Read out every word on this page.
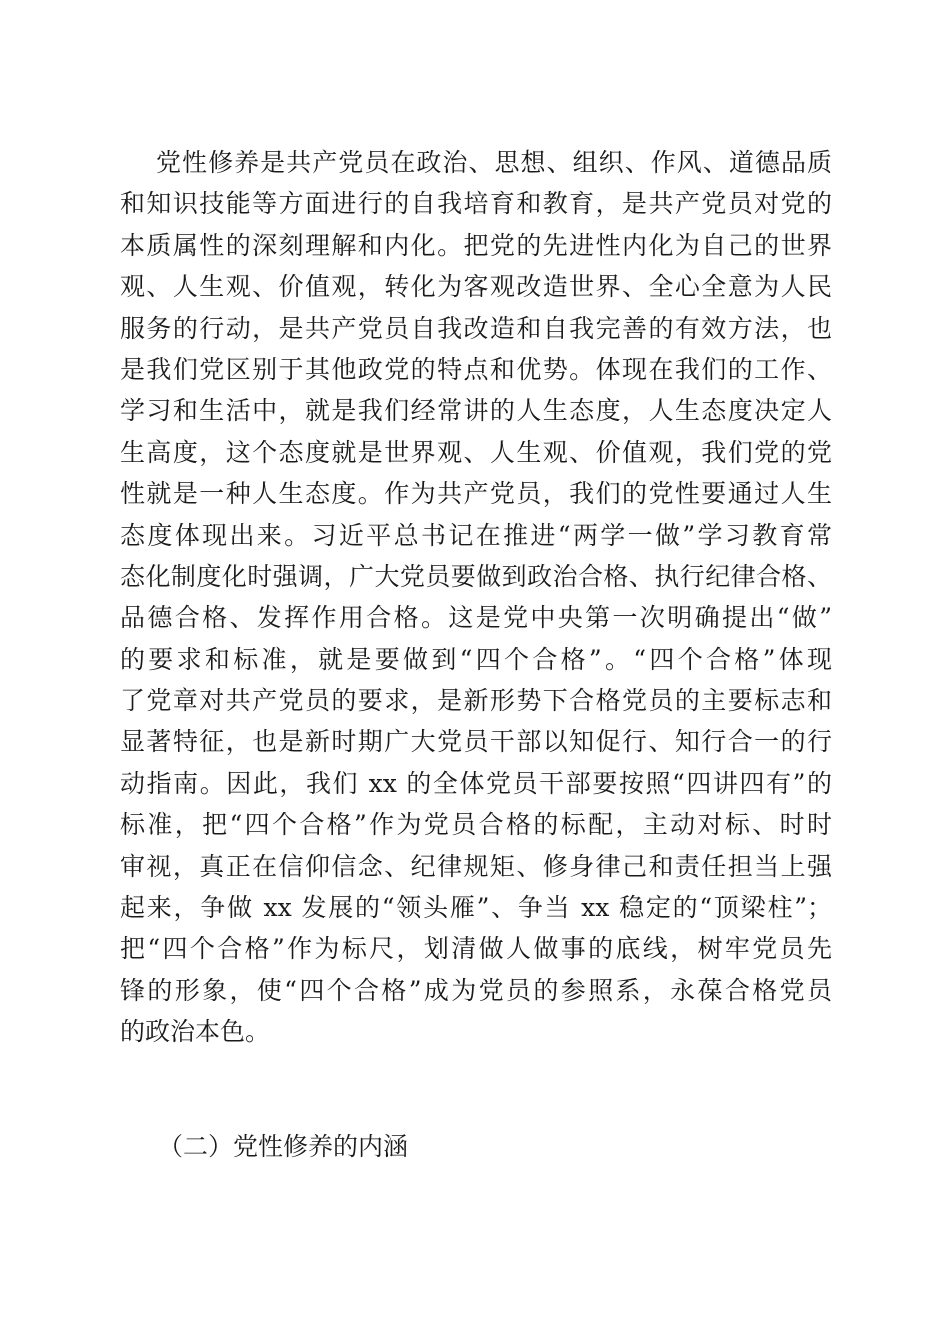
党性修养是共产党员在政治、思想、组织、作风、道德品质
和知识技能等方面进行的自我培育和教育，是共产党员对党的
本质属性的深刻理解和内化。把党的先进性内化为自己的世界
观、人生观、价值观，转化为客观改造世界、全心全意为人民
服务的行动，是共产党员自我改造和自我完善的有效方法，也
是我们党区别于其他政党的特点和优势。体现在我们的工作、
学习和生活中，就是我们经常讲的人生态度，人生态度决定人
生高度，这个态度就是世界观、人生观、价值观，我们党的党
性就是一种人生态度。作为共产党员，我们的党性要通过人生
态度体现出来。习近平总书记在推进“两学一做”学习教育常
态化制度化时强调，广大党员要做到政治合格、执行纪律合格、
品德合格、发挥作用合格。这是党中央第一次明确提出“做”
的要求和标准，就是要做到“四个合格”。“四个合格”体现
了党章对共产党员的要求，是新形势下合格党员的主要标志和
显著特征，也是新时期广大党员干部以知促行、知行合一的行
动指南。因此，我们 xx 的全体党员干部要按照“四讲四有”的
标准，把“四个合格”作为党员合格的标配，主动对标、时时
审视，真正在信仰信念、纪律规矩、修身律己和责任担当上强
起来，争做 xx 发展的“领头雁”、争当 xx 稳定的“顶梁柱”；
把“四个合格”作为标尺，划清做人做事的底线，树牢党员先
锋的形象，使“四个合格”成为党员的参照系，永葆合格党员
的政治本色。
（二）党性修养的内涵
